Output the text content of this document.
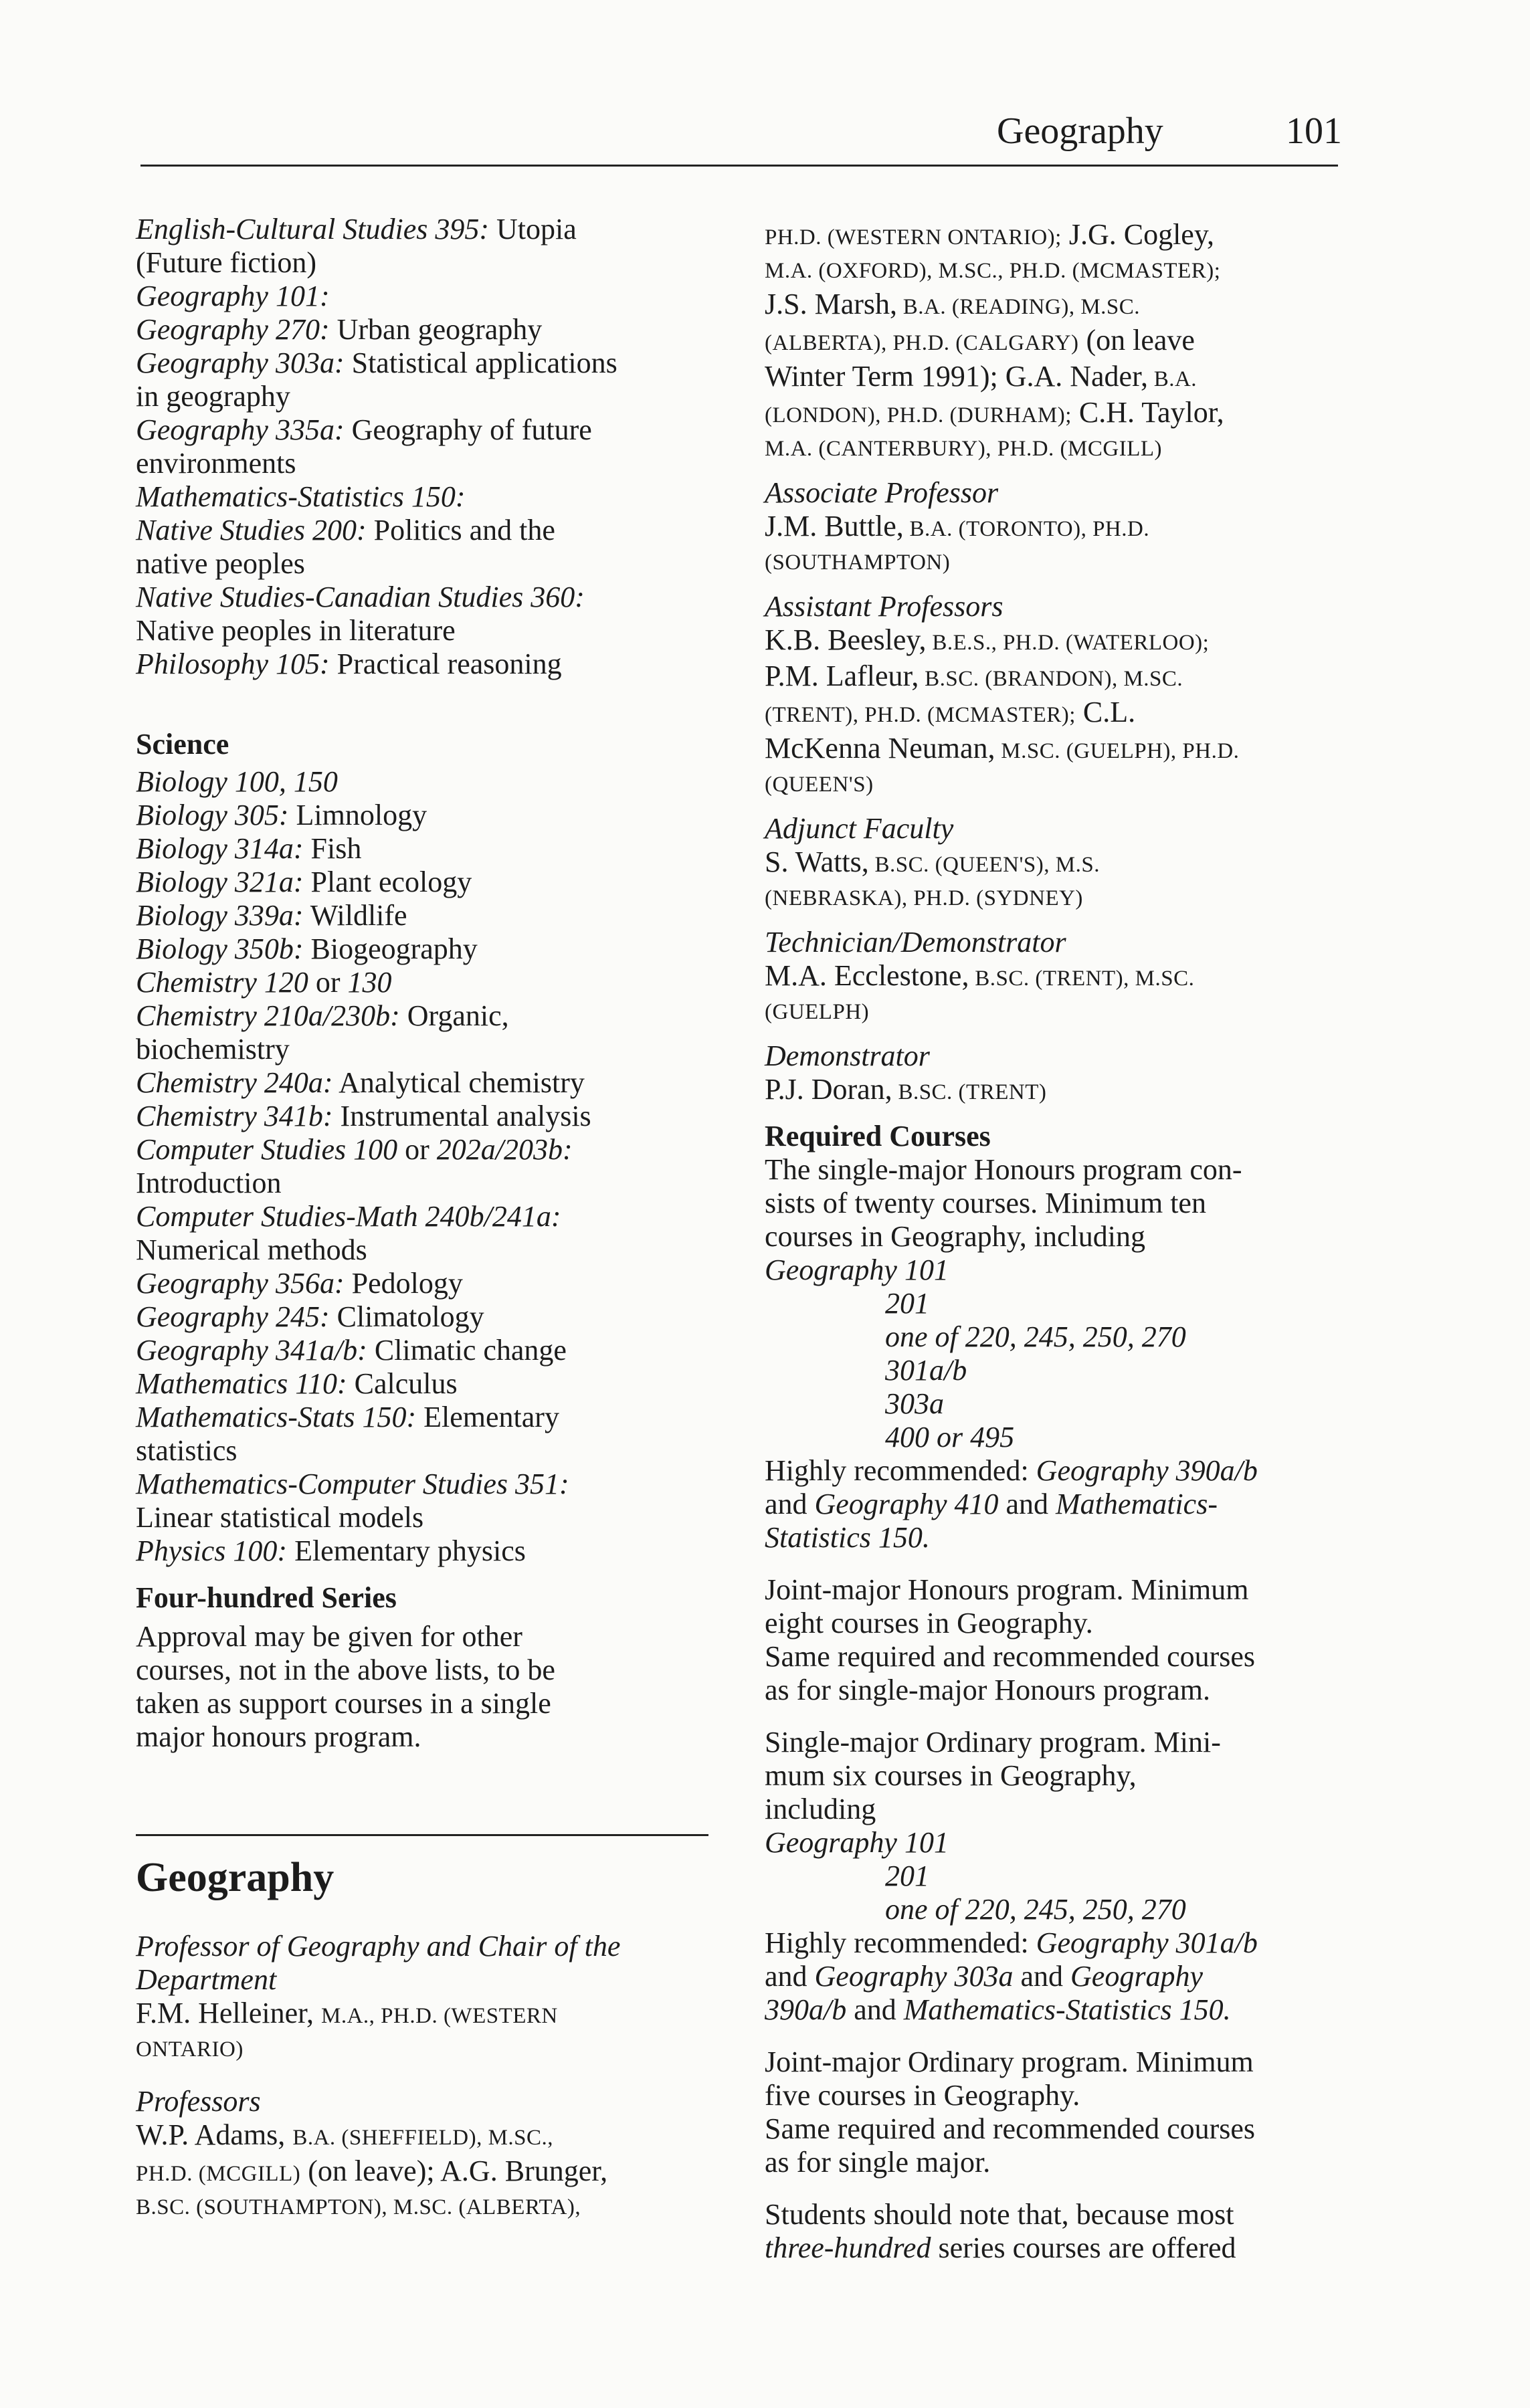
Geography	101
English-Cultural Studies 395: Utopia
(Future fiction)
Geography 101:
Geography 270: Urban geography
Geography 303a: Statistical applications
in geography
Geography 335a: Geography of future
environments
Mathematics-Statistics 150:
Native Studies 200: Politics and the
native peoples
Native Studies-Canadian Studies 360:
Native peoples in literature
Philosophy 105: Practical reasoning
Science
Biology 100, 150
Biology 305: Limnology
Biology 314a: Fish
Biology 321a: Plant ecology
Biology 339a: Wildlife
Biology 350b: Biogeography
Chemistry 120 or 130
Chemistry 210a/230b: Organic,
biochemistry
Chemistry 240a: Analytical chemistry
Chemistry 341b: Instrumental analysis
Computer Studies 100 or 202a/203b:
Introduction
Computer Studies-Math 240b/241a:
Numerical methods
Geography 356a: Pedology
Geography 245: Climatology
Geography 341a/b: Climatic change
Mathematics 110: Calculus
Mathematics-Stats 150: Elementary
statistics
Mathematics-Computer Studies 351:
Linear statistical models
Physics 100: Elementary physics
Four-hundred Series
Approval may be given for other
courses, not in the above lists, to be
taken as support courses in a single
major honours program.
Geography
Professor of Geography and Chair of the
Department
F.M. Helleiner, M.A., PH.D. (WESTERN
ONTARIO)
Professors
W.P. Adams, B.A. (SHEFFIELD), M.SC.,
PH.D. (MCGILL) (on leave); A.G. Brunger,
B.SC. (SOUTHAMPTON), M.SC. (ALBERTA),
PH.D. (WESTERN ONTARIO); J.G. Cogley,
M.A. (OXFORD), M.SC., PH.D. (MCMASTER);
J.S. Marsh, B.A. (READING), M.SC.
(ALBERTA), PH.D. (CALGARY) (on leave
Winter Term 1991); G.A. Nader, B.A.
(LONDON), PH.D. (DURHAM); C.H. Taylor,
M.A. (CANTERBURY), PH.D. (MCGILL)
Associate Professor
J.M. Buttle, B.A. (TORONTO), PH.D.
(SOUTHAMPTON)
Assistant Professors
K.B. Beesley, B.E.S., PH.D. (WATERLOO);
P.M. Lafleur, B.SC. (BRANDON), M.SC.
(TRENT), PH.D. (MCMASTER); C.L.
McKenna Neuman, M.SC. (GUELPH), PH.D.
(QUEEN'S)
Adjunct Faculty
S. Watts, B.SC. (QUEEN'S), M.S.
(NEBRASKA), PH.D. (SYDNEY)
Technician/Demonstrator
M.A. Ecclestone, B.SC. (TRENT), M.SC.
(GUELPH)
Demonstrator
P.J. Doran, B.SC. (TRENT)
Required Courses
The single-major Honours program con-
sists of twenty courses. Minimum ten
courses in Geography, including
Geography 101
201
one of 220, 245, 250, 270
301a/b
303a
400 or 495
Highly recommended: Geography 390a/b
and Geography 410 and Mathematics-
Statistics 150.
Joint-major Honours program. Minimum
eight courses in Geography.
Same required and recommended courses
as for single-major Honours program.
Single-major Ordinary program. Mini-
mum six courses in Geography,
including
Geography 101
201
one of 220, 245, 250, 270
Highly recommended: Geography 301a/b
and Geography 303a and Geography
390a/b and Mathematics-Statistics 150.
Joint-major Ordinary program. Minimum
five courses in Geography.
Same required and recommended courses
as for single major.
Students should note that, because most
three-hundred series courses are offered
